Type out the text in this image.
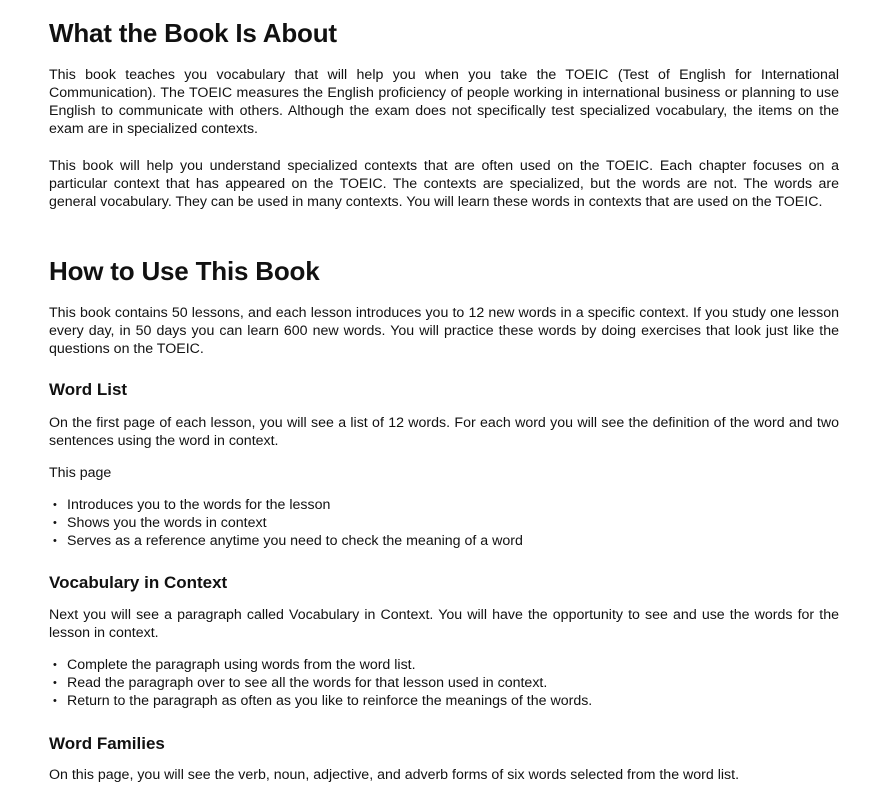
What the Book Is About

This book teaches you vocabulary that will help you when you take the TOEIC (Test of English for International Communication). The TOEIC measures the English proficiency of people working in international business or planning to use English to communicate with others. Although the exam does not specifically test specialized vocabulary, the items on the exam are in specialized contexts.

This book will help you understand specialized contexts that are often used on the TOEIC. Each chapter focuses on a particular context that has appeared on the TOEIC. The contexts are specialized, but the words are not. The words are general vocabulary. They can be used in many contexts. You will learn these words in contexts that are used on the TOEIC.

How to Use This Book

This book contains 50 lessons, and each lesson introduces you to 12 new words in a specific context. If you study one lesson every day, in 50 days you can learn 600 new words. You will practice these words by doing exercises that look just like the questions on the TOEIC.

Word List

On the first page of each lesson, you will see a list of 12 words. For each word you will see the definition of the word and two sentences using the word in context.

This page

• Introduces you to the words for the lesson
• Shows you the words in context
• Serves as a reference anytime you need to check the meaning of a word
Vocabulary in Context

Next you will see a paragraph called Vocabulary in Context. You will have the opportunity to see and use the words for the lesson in context.

• Complete the paragraph using words from the word list.
• Read the paragraph over to see all the words for that lesson used in context.
• Return to the paragraph as often as you like to reinforce the meanings of the words.
Word Families

On this page, you will see the verb, noun, adjective, and adverb forms of six words selected from the word list.
